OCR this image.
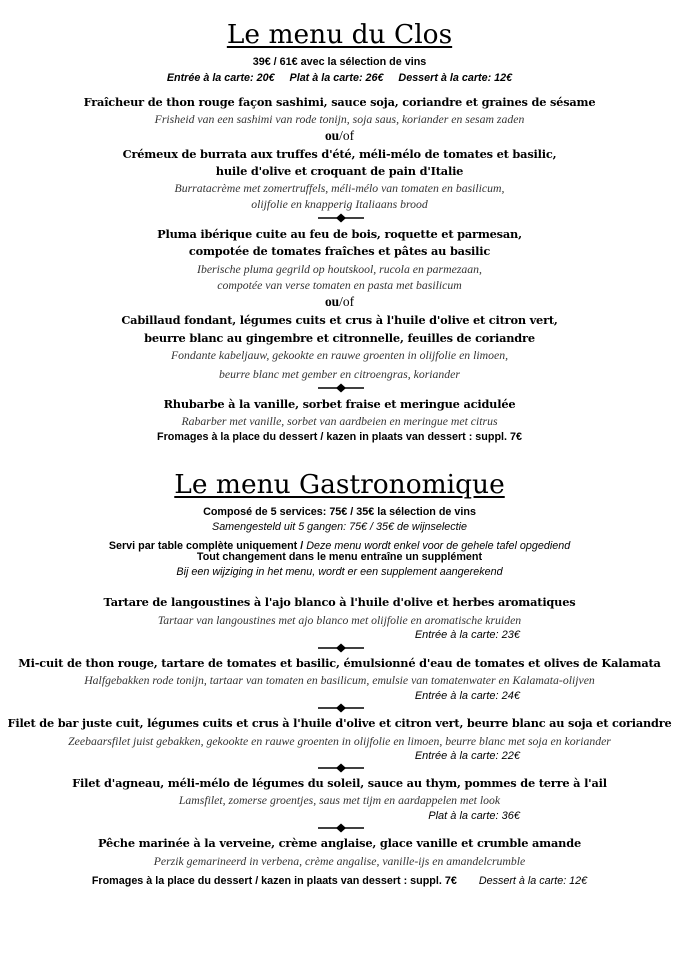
Le menu du Clos
39€ / 61€ avec la sélection de vins
Entrée à la carte: 20€     Plat à la carte: 26€     Dessert à la carte: 12€
Fraîcheur de thon rouge façon sashimi, sauce soja, coriandre et graines de sésame
Frisheid van een sashimi van rode tonijn, soja saus, koriander en sesam zaden
ou/of
Crémeux de burrata aux truffes d'été, méli-mélo de tomates et basilic,
huile d'olive et croquant de pain d'Italie
Burratacrème met zomertruffels, méli-mélo van tomaten en basilicum,
olijfolie en knapperig Italiaans brood
Pluma ibérique cuite au feu de bois, roquette et parmesan,
compotée de tomates fraîches et pâtes au basilic
Iberische pluma gegrild op houtskool, rucola en parmezaan,
compotée van verse tomaten en pasta met basilicum
ou/of
Cabillaud fondant, légumes cuits et crus à l'huile d'olive et citron vert,
beurre blanc au gingembre et citronnelle, feuilles de coriandre
Fondante kabeljauw, gekookte en rauwe groenten in olijfolie en limoen,
beurre blanc met gember en citroengras, koriander
Rhubarbe à la vanille, sorbet fraise et meringue acidulée
Rabarber met vanille, sorbet van aardbeien en meringue met citrus
Fromages à la place du dessert / kazen in plaats van dessert : suppl. 7€
Le menu Gastronomique
Composé de 5 services: 75€ / 35€ la sélection de vins
Samengesteld uit 5 gangen: 75€ / 35€ de wijnselectie
Servi par table complète uniquement / Deze menu wordt enkel voor de gehele tafel opgediend
Tout changement dans le menu entraîne un supplément
Bij een wijziging in het menu, wordt er een supplement aangerekend
Tartare de langoustines à l'ajo blanco à l'huile d'olive et herbes aromatiques
Tartaar van langoustines met ajo blanco met olijfolie en aromatische kruiden
Entrée à la carte: 23€
Mi-cuit de thon rouge, tartare de tomates et basilic, émulsionné d'eau de tomates et olives de Kalamata
Halfgebakken rode tonijn, tartaar van tomaten en basilicum, emulsie van tomatenwater en Kalamata-olijven
Entrée à la carte: 24€
Filet de bar juste cuit, légumes cuits et crus à l'huile d'olive et citron vert, beurre blanc au soja et coriandre
Zeebaarsfilet juist gebakken, gekookte en rauwe groenten in olijfolie en limoen, beurre blanc met soja en koriander
Entrée à la carte: 22€
Filet d'agneau, méli-mélo de légumes du soleil, sauce au thym, pommes de terre à l'ail
Lamsfilet, zomerse groentjes, saus met tijm en aardappelen met look
Plat à la carte: 36€
Pêche marinée à la verveine, crème anglaise, glace vanille et crumble amande
Perzik gemarineerd in verbena, crème angalise, vanille-ijs en amandelcrumble
Fromages à la place du dessert / kazen in plaats van dessert : suppl. 7€ Dessert à la carte: 12€
